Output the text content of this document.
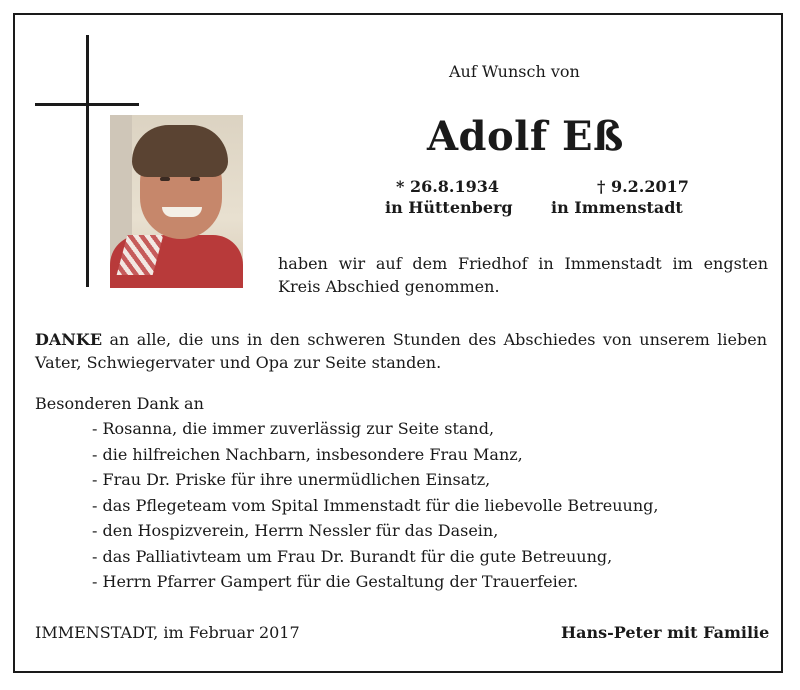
Auf Wunsch von
Adolf Eß
* 26.8.1934
in Hüttenberg
† 9.2.2017
in Immenstadt
haben wir auf dem Friedhof in Immenstadt im engsten Kreis Abschied genommen.
DANKE an alle, die uns in den schweren Stunden des Abschiedes von unserem lieben Vater, Schwiegervater und Opa zur Seite standen.
Besonderen Dank an
- Rosanna, die immer zuverlässig zur Seite stand,
- die hilfreichen Nachbarn, insbesondere Frau Manz,
- Frau Dr. Priske für ihre unermüdlichen Einsatz,
- das Pflegeteam vom Spital Immenstadt für die liebevolle Betreuung,
- den Hospizverein, Herrn Nessler für das Dasein,
- das Palliativteam um Frau Dr. Burandt für die gute Betreuung,
- Herrn Pfarrer Gampert für die Gestaltung der Trauerfeier.
IMMENSTADT, im Februar 2017	Hans-Peter mit Familie
